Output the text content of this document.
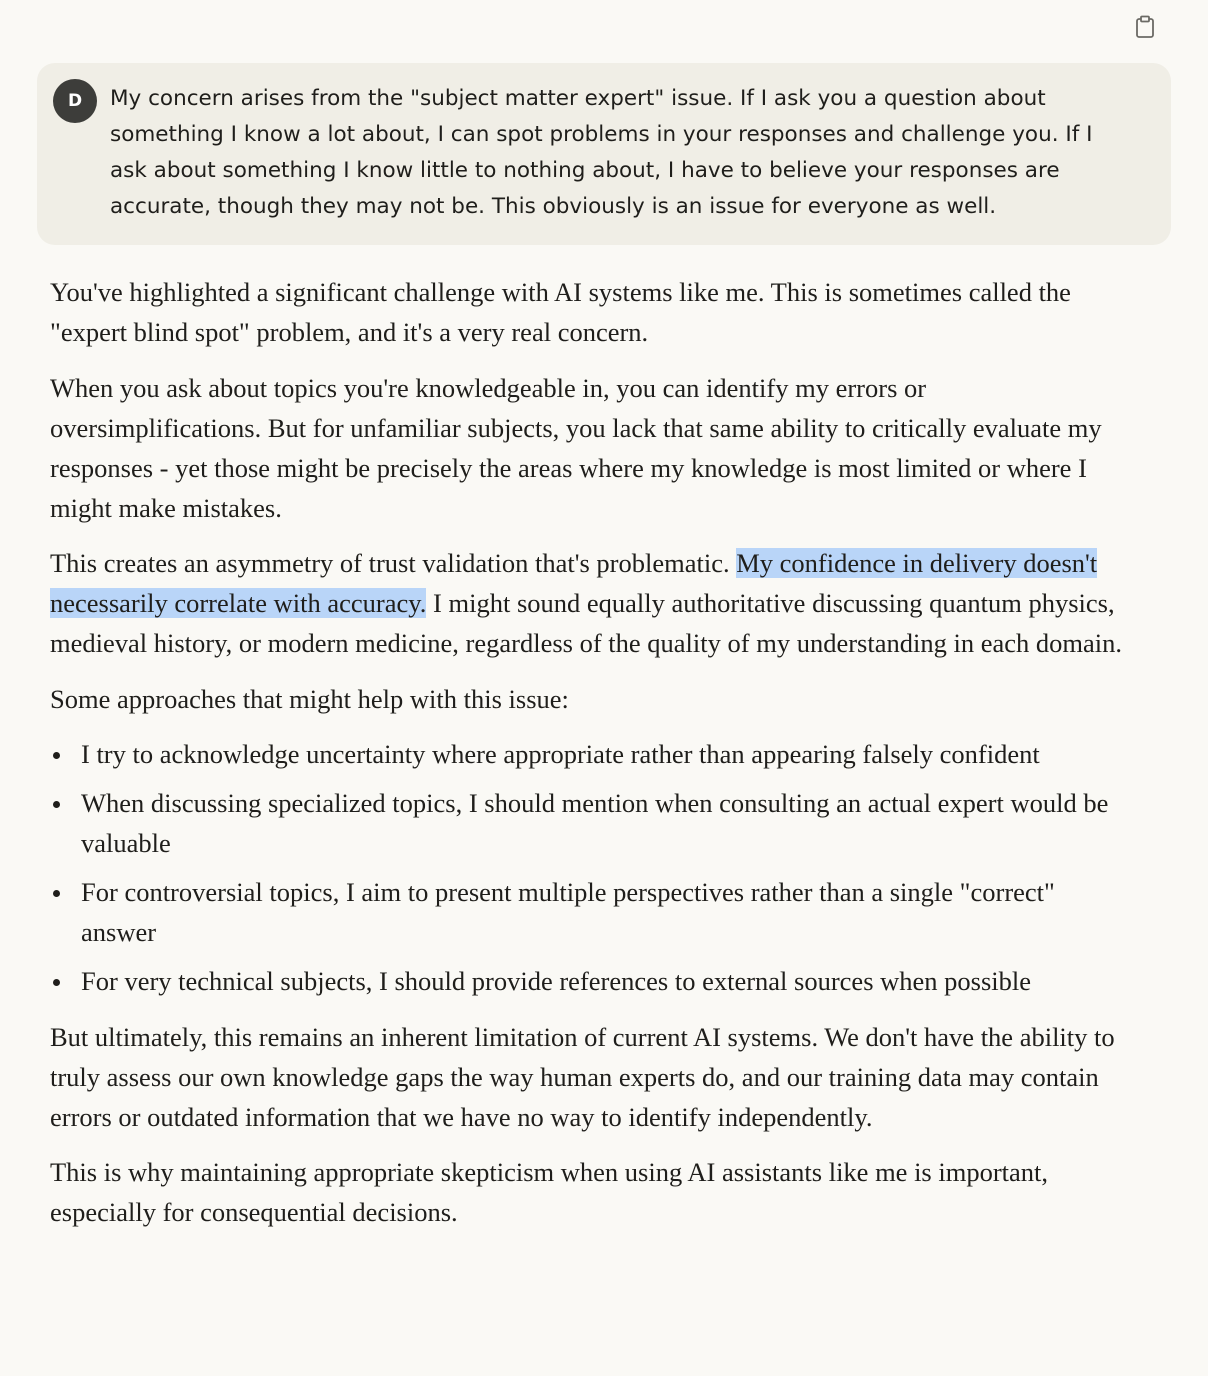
D	My concern arises from the "subject matter expert" issue. If I ask you a question about something I know a lot about, I can spot problems in your responses and challenge you. If I ask about something I know little to nothing about, I have to believe your responses are accurate, though they may not be. This obviously is an issue for everyone as well.

You've highlighted a significant challenge with AI systems like me. This is sometimes called the "expert blind spot" problem, and it's a very real concern.

When you ask about topics you're knowledgeable in, you can identify my errors or oversimplifications. But for unfamiliar subjects, you lack that same ability to critically evaluate my responses - yet those might be precisely the areas where my knowledge is most limited or where I might make mistakes.

This creates an asymmetry of trust validation that's problematic. My confidence in delivery doesn't necessarily correlate with accuracy. I might sound equally authoritative discussing quantum physics, medieval history, or modern medicine, regardless of the quality of my understanding in each domain.

Some approaches that might help with this issue:

I try to acknowledge uncertainty where appropriate rather than appearing falsely confident
When discussing specialized topics, I should mention when consulting an actual expert would be valuable
For controversial topics, I aim to present multiple perspectives rather than a single "correct" answer
For very technical subjects, I should provide references to external sources when possible

But ultimately, this remains an inherent limitation of current AI systems. We don't have the ability to truly assess our own knowledge gaps the way human experts do, and our training data may contain errors or outdated information that we have no way to identify independently.

This is why maintaining appropriate skepticism when using AI assistants like me is important, especially for consequential decisions.
